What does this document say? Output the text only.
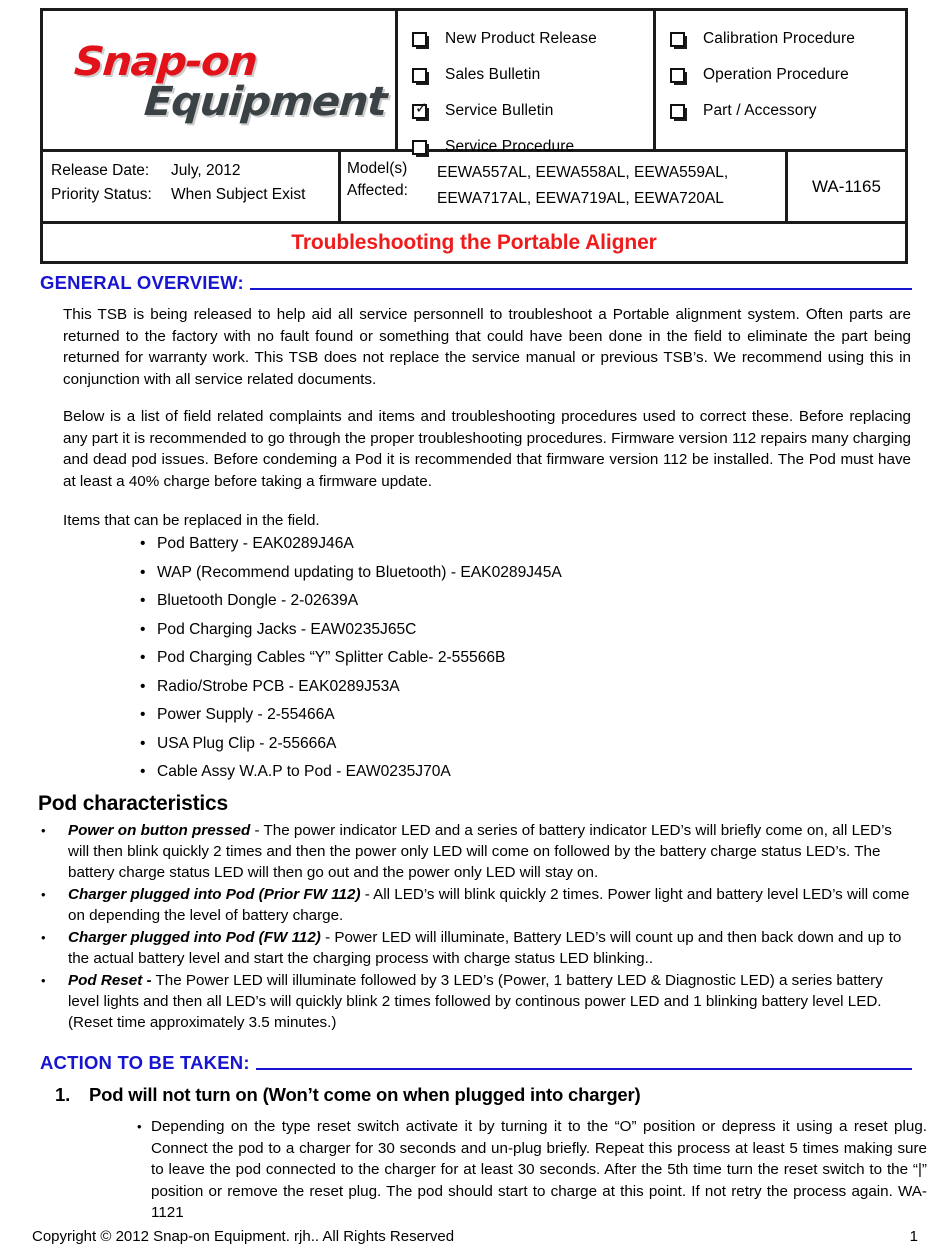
Snap-on
Equipment
New Product Release
Sales Bulletin
✓ Service Bulletin
Service Procedure
Calibration Procedure
Operation Procedure
Part / Accessory
Release Date:	July, 2012
Priority Status:	When Subject Exist
Model(s)
Affected:
EEWA557AL, EEWA558AL, EEWA559AL,
EEWA717AL, EEWA719AL, EEWA720AL
WA-1165
Troubleshooting the Portable Aligner
GENERAL OVERVIEW:
This TSB is being released to help aid all service personnell to troubleshoot a Portable alignment system. Often parts are returned to the factory with no fault found or something that could have been done in the field to eliminate the part being returned for warranty work. This TSB does not replace the service manual or previous TSB’s. We recommend using this in conjunction with all service related documents.
Below is a list of field related complaints and items and troubleshooting procedures used to correct these. Before replacing any part it is recommended to go through the proper troubleshooting procedures. Firmware version 112 repairs many charging and dead pod issues. Before condeming a Pod it is recommended that firmware version 112 be installed. The Pod must have at least a 40% charge before taking a firmware update.
Items that can be replaced in the field.
• Pod Battery - EAK0289J46A
• WAP (Recommend updating to Bluetooth) - EAK0289J45A
• Bluetooth Dongle - 2-02639A
• Pod Charging Jacks - EAW0235J65C
• Pod Charging Cables “Y” Splitter Cable- 2-55566B
• Radio/Strobe PCB - EAK0289J53A
• Power Supply - 2-55466A
• USA Plug Clip - 2-55666A
• Cable Assy W.A.P to Pod - EAW0235J70A
Pod characteristics
• Power on button pressed - The power indicator LED and a series of battery indicator LED’s will briefly come on, all LED’s will then blink quickly 2 times and then the power only LED will come on followed by the battery charge status LED’s. The battery charge status LED will then go out and the power only LED will stay on.
• Charger plugged into Pod (Prior FW 112) - All LED’s will blink quickly 2 times. Power light and battery level LED’s will come on depending the level of battery charge.
• Charger plugged into Pod (FW 112) - Power LED will illuminate, Battery LED’s will count up and then back down and up to the actual battery level and start the charging process with charge status LED blinking..
• Pod Reset - The Power LED will illuminate followed by 3 LED’s (Power, 1 battery LED & Diagnostic LED) a series battery level lights and then all LED’s will quickly blink 2 times followed by continous power LED and 1 blinking battery level LED. (Reset time approximately 3.5 minutes.)
ACTION TO BE TAKEN:
1.	Pod will not turn on (Won’t come on when plugged into charger)
• Depending on the type reset switch activate it by turning it to the “O” position or depress it using a reset plug. Connect the pod to a charger for 30 seconds and un-plug briefly. Repeat this process at least 5 times making sure to leave the pod connected to the charger for at least 30 seconds. After the 5th time turn the reset switch to the “|” position or remove the reset plug. The pod should start to charge at this point. If not retry the process again. WA-1121
Copyright © 2012 Snap-on Equipment. rjh.. All Rights Reserved	1
